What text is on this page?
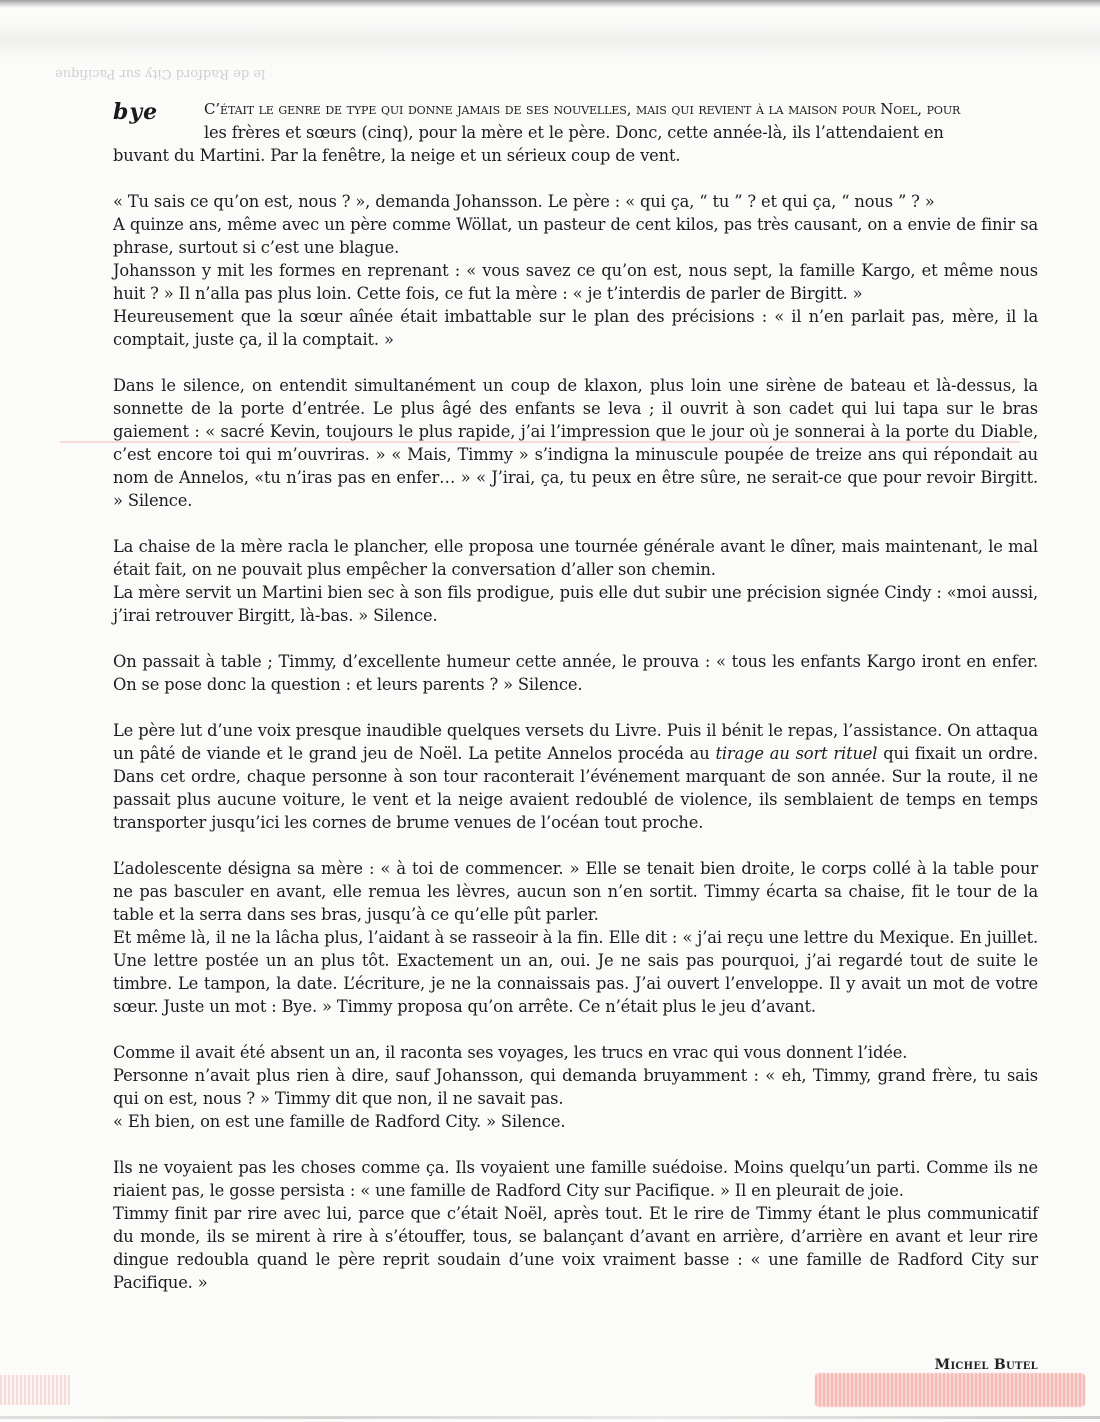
le de Radford City sur Pacifique

bye	C’était le genre de type qui donne jamais de ses nouvelles, mais qui revient à la maison pour Noel, pour
les frères et sœurs (cinq), pour la mère et le père. Donc, cette année-là, ils l’attendaient en
buvant du Martini. Par la fenêtre, la neige et un sérieux coup de vent.

« Tu sais ce qu’on est, nous ? », demanda Johansson. Le père : « qui ça, “ tu ” ? et qui ça, “ nous ” ? »
A quinze ans, même avec un père comme Wöllat, un pasteur de cent kilos, pas très causant, on a envie de finir sa phrase, surtout si c’est une blague.
Johansson y mit les formes en reprenant : « vous savez ce qu’on est, nous sept, la famille Kargo, et même nous huit ? » Il n’alla pas plus loin. Cette fois, ce fut la mère : « je t’interdis de parler de Birgitt. »
Heureusement que la sœur aînée était imbattable sur le plan des précisions : « il n’en parlait pas, mère, il la comptait, juste ça, il la comptait. »

Dans le silence, on entendit simultanément un coup de klaxon, plus loin une sirène de bateau et là-dessus, la sonnette de la porte d’entrée. Le plus âgé des enfants se leva ; il ouvrit à son cadet qui lui tapa sur le bras gaiement : « sacré Kevin, toujours le plus rapide, j’ai l’impression que le jour où je sonnerai à la porte du Diable, c’est encore toi qui m’ouvriras. » « Mais, Timmy » s’indigna la minuscule poupée de treize ans qui répondait au nom de Annelos, «tu n’iras pas en enfer… » « J’irai, ça, tu peux en être sûre, ne serait-ce que pour revoir Birgitt. » Silence.

La chaise de la mère racla le plancher, elle proposa une tournée générale avant le dîner, mais maintenant, le mal était fait, on ne pouvait plus empêcher la conversation d’aller son chemin.
La mère servit un Martini bien sec à son fils prodigue, puis elle dut subir une précision signée Cindy : «moi aussi, j’irai retrouver Birgitt, là-bas. » Silence.

On passait à table ; Timmy, d’excellente humeur cette année, le prouva : « tous les enfants Kargo iront en enfer. On se pose donc la question : et leurs parents ? » Silence.

Le père lut d’une voix presque inaudible quelques versets du Livre. Puis il bénit le repas, l’assistance. On attaqua un pâté de viande et le grand jeu de Noël. La petite Annelos procéda au tirage au sort rituel qui fixait un ordre. Dans cet ordre, chaque personne à son tour raconterait l’événement marquant de son année. Sur la route, il ne passait plus aucune voiture, le vent et la neige avaient redoublé de violence, ils semblaient de temps en temps transporter jusqu’ici les cornes de brume venues de l’océan tout proche.

L’adolescente désigna sa mère : « à toi de commencer. » Elle se tenait bien droite, le corps collé à la table pour ne pas basculer en avant, elle remua les lèvres, aucun son n’en sortit. Timmy écarta sa chaise, fit le tour de la table et la serra dans ses bras, jusqu’à ce qu’elle pût parler.
Et même là, il ne la lâcha plus, l’aidant à se rasseoir à la fin. Elle dit : « j’ai reçu une lettre du Mexique. En juillet. Une lettre postée un an plus tôt. Exactement un an, oui. Je ne sais pas pourquoi, j’ai regardé tout de suite le timbre. Le tampon, la date. L’écriture, je ne la connaissais pas. J’ai ouvert l’enveloppe. Il y avait un mot de votre sœur. Juste un mot : Bye. » Timmy proposa qu’on arrête. Ce n’était plus le jeu d’avant.

Comme il avait été absent un an, il raconta ses voyages, les trucs en vrac qui vous donnent l’idée.
Personne n’avait plus rien à dire, sauf Johansson, qui demanda bruyamment : « eh, Timmy, grand frère, tu sais qui on est, nous ? » Timmy dit que non, il ne savait pas.
« Eh bien, on est une famille de Radford City. » Silence.

Ils ne voyaient pas les choses comme ça. Ils voyaient une famille suédoise. Moins quelqu’un parti. Comme ils ne riaient pas, le gosse persista : « une famille de Radford City sur Pacifique. » Il en pleurait de joie.
Timmy finit par rire avec lui, parce que c’était Noël, après tout. Et le rire de Timmy étant le plus communicatif du monde, ils se mirent à rire à s’étouffer, tous, se balançant d’avant en arrière, d’arrière en avant et leur rire dingue redoubla quand le père reprit soudain d’une voix vraiment basse : « une famille de Radford City sur Pacifique. »

Michel Butel
